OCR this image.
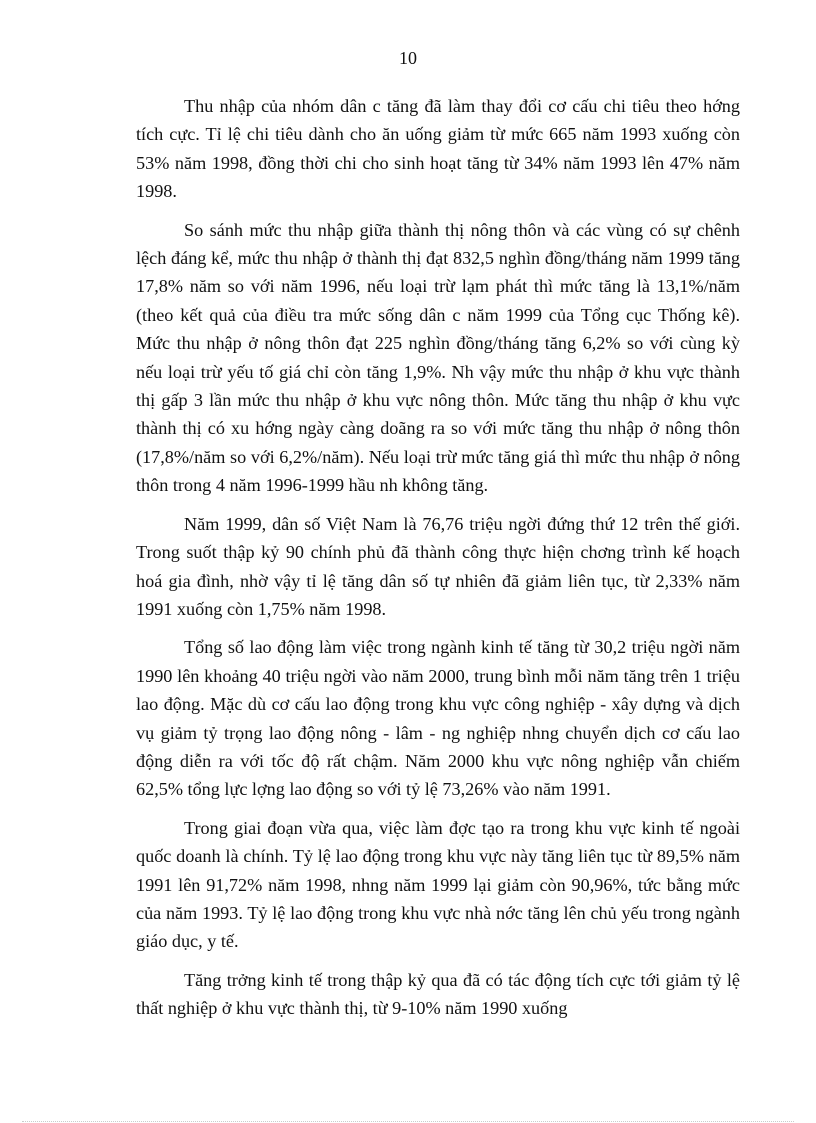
10

Thu nhập của nhóm dân c tăng đã làm thay đổi cơ cấu chi tiêu theo hớng tích cực. Tỉ lệ chi tiêu dành cho ăn uống giảm từ mức 665 năm 1993 xuống còn 53% năm 1998, đồng thời chi cho sinh hoạt tăng từ 34% năm 1993 lên 47% năm 1998.

So sánh mức thu nhập giữa thành thị nông thôn và các vùng có sự chênh lệch đáng kể, mức thu nhập ở thành thị đạt 832,5 nghìn đồng/tháng năm 1999 tăng 17,8% năm so với năm 1996, nếu loại trừ lạm phát thì mức tăng là 13,1%/năm (theo kết quả của điều tra mức sống dân c năm 1999 của Tổng cục Thống kê). Mức thu nhập ở nông thôn đạt 225 nghìn đồng/tháng tăng 6,2% so với cùng kỳ nếu loại trừ yếu tố giá chỉ còn tăng 1,9%. Nh vậy mức thu nhập ở khu vực thành thị gấp 3 lần mức thu nhập ở khu vực nông thôn. Mức tăng thu nhập ở khu vực thành thị có xu hớng ngày càng doãng ra so với mức tăng thu nhập ở nông thôn (17,8%/năm so với 6,2%/năm). Nếu loại trừ mức tăng giá thì mức thu nhập ở nông thôn trong 4 năm 1996-1999 hầu nh không tăng.

Năm 1999, dân số Việt Nam là 76,76 triệu ngời đứng thứ 12 trên thế giới. Trong suốt thập kỷ 90 chính phủ đã thành công thực hiện chơng trình kế hoạch hoá gia đình, nhờ vậy tỉ lệ tăng dân số tự nhiên đã giảm liên tục, từ 2,33% năm 1991 xuống còn 1,75% năm 1998.

Tổng số lao động làm việc trong ngành kinh tế tăng từ 30,2 triệu ngời năm 1990 lên khoảng 40 triệu ngời vào năm 2000, trung bình mỗi năm tăng trên 1 triệu lao động. Mặc dù cơ cấu lao động trong khu vực công nghiệp - xây dựng và dịch vụ giảm tỷ trọng lao động nông - lâm - ng nghiệp nhng chuyển dịch cơ cấu lao động diễn ra với tốc độ rất chậm. Năm 2000 khu vực nông nghiệp vẫn chiếm 62,5% tổng lực lợng lao động so với tỷ lệ 73,26% vào năm 1991.

Trong giai đoạn vừa qua, việc làm đợc tạo ra trong khu vực kinh tế ngoài quốc doanh là chính. Tỷ lệ lao động trong khu vực này tăng liên tục từ 89,5% năm 1991 lên 91,72% năm 1998, nhng năm 1999 lại giảm còn 90,96%, tức bằng mức của năm 1993. Tỷ lệ lao động trong khu vực nhà nớc tăng lên chủ yếu trong ngành giáo dục, y tế.

Tăng trởng kinh tế trong thập kỷ qua đã có tác động tích cực tới giảm tỷ lệ thất nghiệp ở khu vực thành thị, từ 9-10% năm 1990 xuống
